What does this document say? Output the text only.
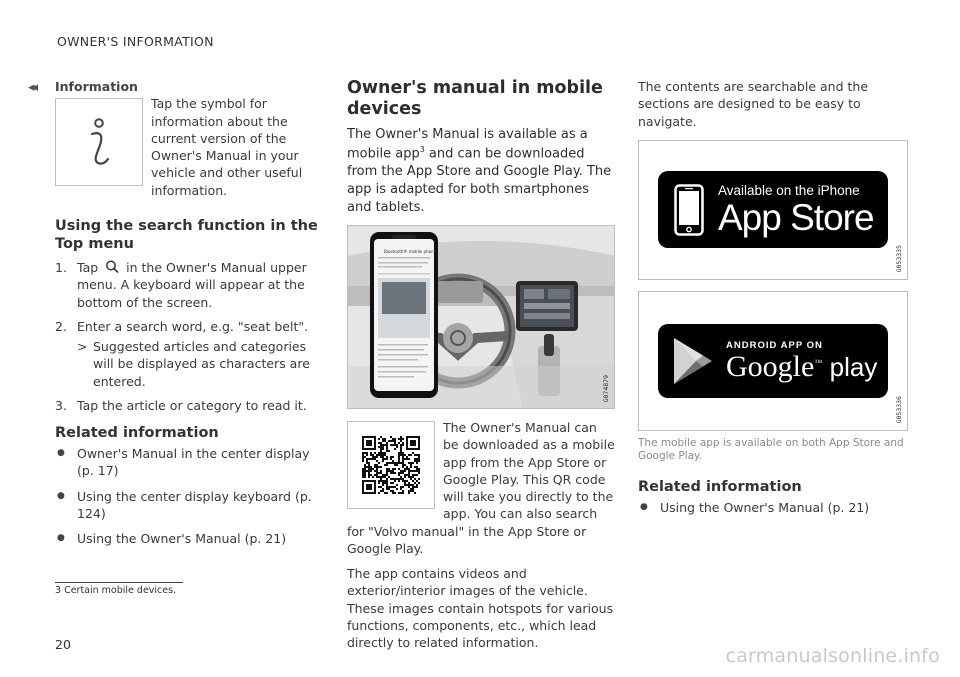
OWNER'S INFORMATION
◂◂ Information
Tap the symbol for information about the current version of the Owner's Manual in your vehicle and other useful information.
Using the search function in the Top menu
1. Tap in the Owner's Manual upper menu. A keyboard will appear at the bottom of the screen.
2. Enter a search word, e.g. "seat belt".
> Suggested articles and categories will be displayed as characters are entered.
3. Tap the article or category to read it.
Related information
● Owner's Manual in the center display (p. 17)
● Using the center display keyboard (p. 124)
● Using the Owner's Manual (p. 21)
Owner's manual in mobile devices
The Owner's Manual is available as a mobile app$^3$ and can be downloaded from the App Store and Google Play. The app is adapted for both smartphones and tablets.
Bluetooth® mobile phone
G074879
The Owner's Manual can be downloaded as a mobile app from the App Store or Google Play. This QR code will take you directly to the app. You can also search for "Volvo manual" in the App Store or Google Play.
The app contains videos and exterior/interior images of the vehicle. These images contain hotspots for various functions, components, etc., which lead directly to related information.
The contents are searchable and the sections are designed to be easy to navigate.
Available on the iPhone
App Store
G053335
ANDROID APP ON
Google™ play
G053336
The mobile app is available on both App Store and Google Play.
Related information
● Using the Owner's Manual (p. 21)
3 Certain mobile devices.
20
carmanualsonline.info
